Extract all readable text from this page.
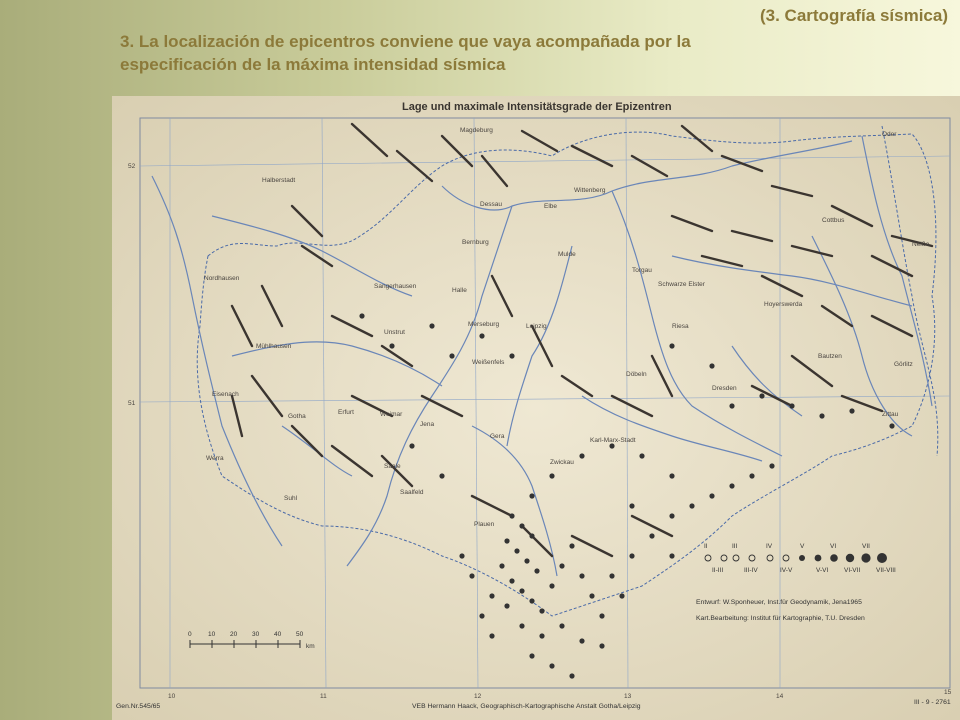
(3. Cartografía sísmica)
3. La localización de epicentros conviene que vaya acompañada por la
especificación de la máxima intensidad sísmica
Magdeburg
Halberstadt
Dessau	Elbe
Wittenberg
Oder
Bernburg
Cottbus
Torgau
Schwarze Elster
Hoyerswerda
Nordhausen
Sangerhausen
Halle
Unstrut
Mühlhausen
Merseburg	Leipzig	Riesa
Bautzen
Görlitz
Weißenfels
Döbeln
Dresden
Eisenach
Gotha
Erfurt	Weimar
Jena
Gera
Karl-Marx-Stadt
Zittau
Zwickau
Saalfeld
Suhl
Neiße
Werra
Saale
Mulde
Plauen
Lage und maximale Intensitätsgrade der Epizentren
10	11	12	13	14
15
52
51
II	III	IV	V	VI	VII
II-III	III-IV	IV-V	V-VI VI-VII VII-VIII
Entwurf: W.Sponheuer, Inst.für Geodynamik, Jena1965
Kart.Bearbeitung: Institut für Kartographie, T.U. Dresden
0	10 20 30 40 50
km
Gen.Nr.545/65	VEB Hermann Haack, Geographisch-Kartographische Anstalt Gotha/Leipzig
III - 9 - 2761
